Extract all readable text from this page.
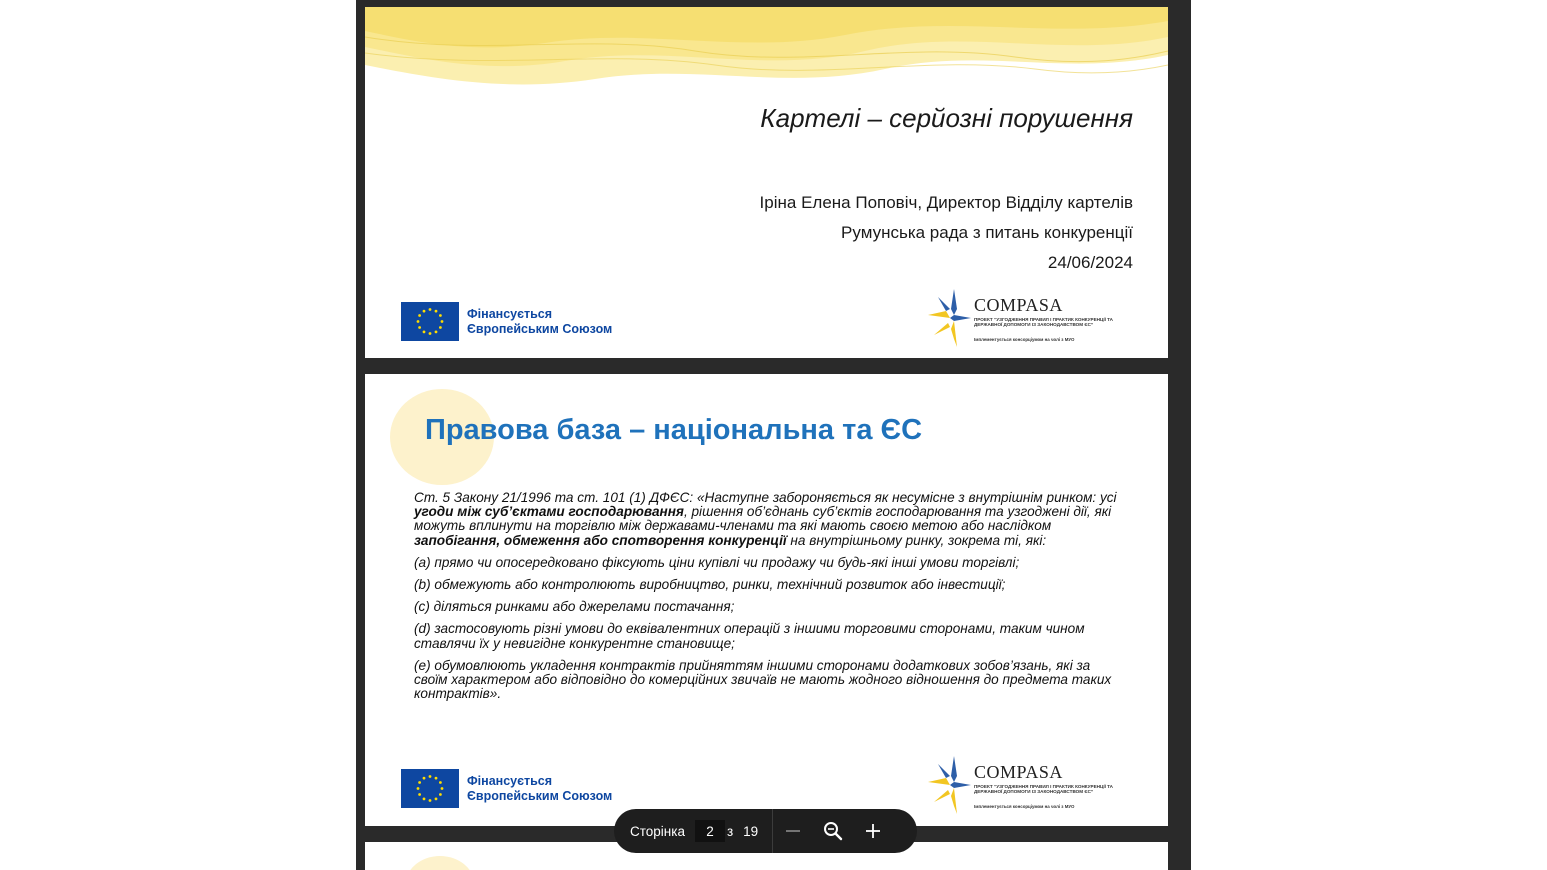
Картелі – серйозні порушення
Іріна Елена Поповіч, Директор Відділу картелів
Румунська рада з питань конкуренції
24/06/2024
Фінансується
Європейським Союзом
COMPASA
ПРОЕКТ “УЗГОДЖЕННЯ ПРАВИЛ І ПРАКТИК КОНКУРЕНЦІЇ ТА ДЕРЖАВНОЇ ДОПОМОГИ ІЗ ЗАКОНОДАВСТВОМ ЄС”
Імплементується консорціумом на чолі з МУО
Правова база – національна та ЄС

Ст. 5 Закону 21/1996 та ст. 101 (1) ДФЄС: «Наступне забороняється як несумісне з внутрішнім ринком: усі угоди між суб’єктами господарювання, рішення об’єднань суб’єктів господарювання та узгоджені дії, які можуть вплинути на торгівлю між державами-членами та які мають своєю метою або наслідком запобігання, обмеження або спотворення конкуренції на внутрішньому ринку, зокрема ті, які:

(а) прямо чи опосередковано фіксують ціни купівлі чи продажу чи будь-які інші умови торгівлі;

(b) обмежують або контролюють виробництво, ринки, технічний розвиток або інвестиції;

(c) діляться ринками або джерелами постачання;

(d) застосовують різні умови до еквівалентних операцій з іншими торговими сторонами, таким чином ставлячи їх у невигідне конкурентне становище;

(e) обумовлюють укладення контрактів прийняттям іншими сторонами додаткових зобов’язань, які за своїм характером або відповідно до комерційних звичаїв не мають жодного відношення до предмета таких контрактів».

Фінансується
Європейським Союзом
COMPASA
ПРОЕКТ “УЗГОДЖЕННЯ ПРАВИЛ І ПРАКТИК КОНКУРЕНЦІЇ ТА ДЕРЖАВНОЇ ДОПОМОГИ ІЗ ЗАКОНОДАВСТВОМ ЄС”
Імплементується консорціумом на чолі з МУО
Сторінка
2	з 19
